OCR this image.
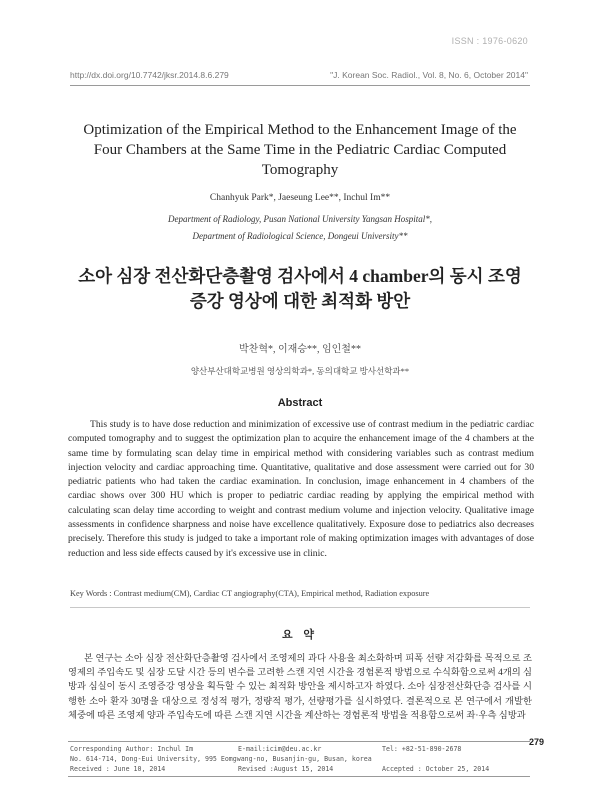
ISSN : 1976-0620
http://dx.doi.org/10.7742/jksr.2014.8.6.279	"J. Korean Soc. Radiol., Vol. 8, No. 6, October 2014"
Optimization of the Empirical Method to the Enhancement Image of the Four Chambers at the Same Time in the Pediatric Cardiac Computed Tomography
Chanhyuk Park*, Jaeseung Lee**, Inchul Im**
Department of Radiology, Pusan National University Yangsan Hospital*,
Department of Radiological Science, Dongeui University**
소아 심장 전산화단층촬영 검사에서 4 chamber의 동시 조영증강 영상에 대한 최적화 방안
박찬혁*, 이재승**, 임인철**
양산부산대학교병원 영상의학과*, 동의대학교 방사선학과**
Abstract

This study is to have dose reduction and minimization of excessive use of contrast medium in the pediatric cardiac computed tomography and to suggest the optimization plan to acquire the enhancement image of the 4 chambers at the same time by formulating scan delay time in empirical method with considering variables such as contrast medium injection velocity and cardiac approaching time. Quantitative, qualitative and dose assessment were carried out for 30 pediatric patients who had taken the cardiac examination. In conclusion, image enhancement in 4 chambers of the cardiac shows over 300 HU which is proper to pediatric cardiac reading by applying the empirical method with calculating scan delay time according to weight and contrast medium volume and injection velocity. Qualitative image assessments in confidence sharpness and noise have excellence qualitatively. Exposure dose to pediatrics also decreases precisely. Therefore this study is judged to take a important role of making optimization images with advantages of dose reduction and less side effects caused by it's excessive use in clinic.

Key Words : Contrast medium(CM), Cardiac CT angiography(CTA), Empirical method, Radiation exposure
요 약

본 연구는 소아 심장 전산화단층촬영 검사에서 조영제의 과다 사용을 최소화하며 피폭 선량 저감화를 목적으로 조영제의 주입속도 및 심장 도달 시간 등의 변수를 고려한 스캔 지연 시간을 경험론적 방법으로 수식화함으로써 4개의 심방과 심실이 동시 조영증강 영상을 획득할 수 있는 최적화 방안을 제시하고자 하였다. 소아 심장전산화단층 검사를 시행한 소아 환자 30명을 대상으로 정성적 평가, 정량적 평가, 선량평가를 실시하였다. 결론적으로 본 연구에서 개발한 체중에 따른 조영제 양과 주입속도에 따른 스캔 지연 시간을 계산하는 경험론적 방법을 적용함으로써 좌·우측 심방과

Corresponding Author: Inchul Im	E-mail:icim@deu.ac.kr	Tel: +82-51-890-2678
No. 614-714, Dong-Eui University, 995 Eomgwang-no, Busanjin-gu, Busan, korea
Received : June 10, 2014	Revised :August 15, 2014	Accepted : October 25, 2014
279
